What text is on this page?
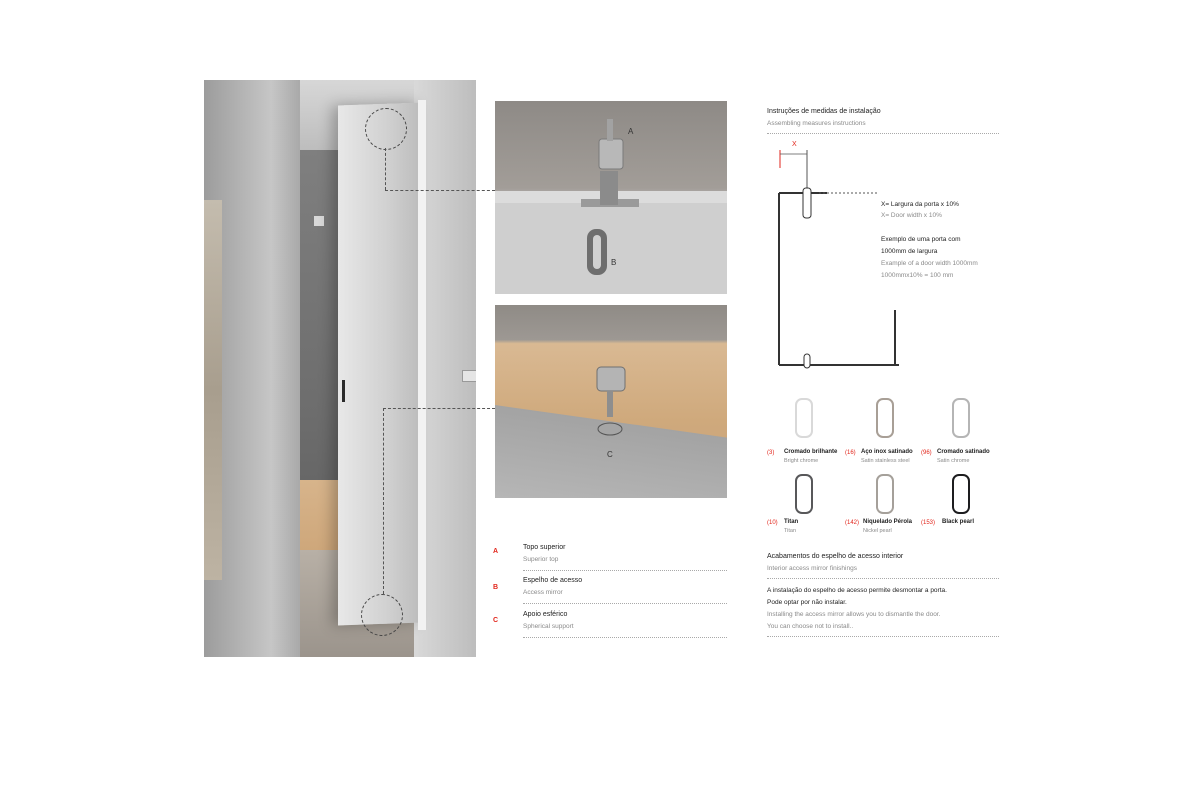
A
B
C
A
Topo superior
Superior top
B
Espelho de acesso
Access mirror
C
Apoio esférico
Spherical support
Instruções de medidas de instalação
Assembling measures instructions
X
X= Largura da porta x 10%
X= Door width x 10%
Exemplo de uma porta com
1000mm de largura
Example of a door width 1000mm
1000mmx10% = 100 mm
(3) Cromado brilhante
Bright chrome
(16) Aço inox satinado
Satin stainless steel
(96) Cromado satinado
Satin chrome
(10) Titan
Titan
(142) Niquelado Pérola
Nickel pearl
(153) Black pearl
Acabamentos do espelho de acesso interior
Interior access mirror finishings
A instalação do espelho de acesso permite desmontar a porta.
Pode optar por não instalar.
Installing the access mirror allows you to dismantle the door.
You can choose not to install..
